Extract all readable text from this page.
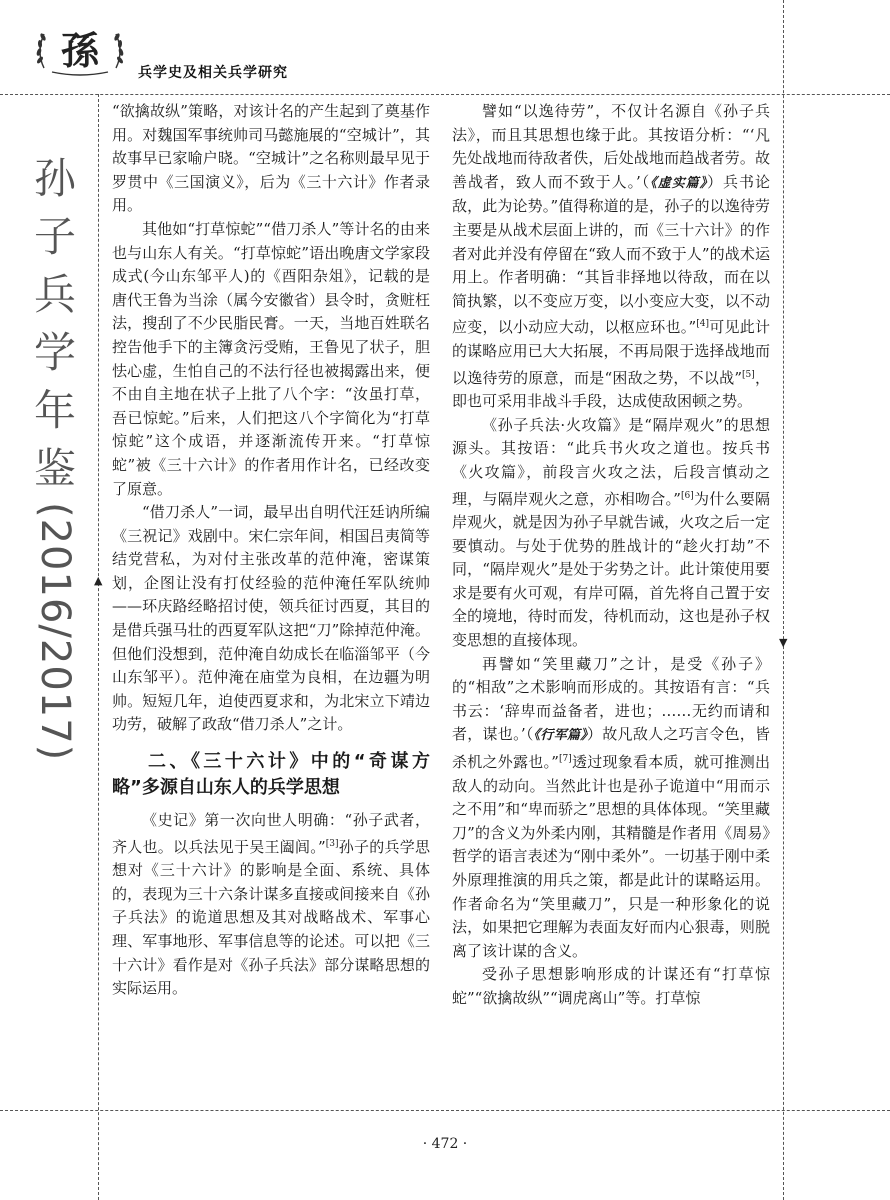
孫	兵学史及相关兵学研究
孙子兵学年鉴
(2016/2017) ▲
▼

“欲擒故纵”策略，对该计名的产生起到了奠基作用。对魏国军事统帅司马懿施展的“空城计”，其故事早已家喻户晓。“空城计”之名称则最早见于罗贯中《三国演义》，后为《三十六计》作者录用。

其他如“打草惊蛇”“借刀杀人”等计名的由来也与山东人有关。“打草惊蛇”语出晚唐文学家段成式(今山东邹平人)的《酉阳杂俎》，记载的是唐代王鲁为当涂（属今安徽省）县令时，贪赃枉法，搜刮了不少民脂民膏。一天，当地百姓联名控告他手下的主簿贪污受贿，王鲁见了状子，胆怯心虚，生怕自己的不法行径也被揭露出来，便不由自主地在状子上批了八个字：“汝虽打草，吾已惊蛇。”后来，人们把这八个字简化为“打草惊蛇”这个成语，并逐渐流传开来。“打草惊蛇”被《三十六计》的作者用作计名，已经改变了原意。

“借刀杀人”一词，最早出自明代汪廷讷所编《三祝记》戏剧中。宋仁宗年间，相国吕夷简等结党营私，为对付主张改革的范仲淹，密谋策划，企图让没有打仗经验的范仲淹任军队统帅——环庆路经略招讨使，领兵征讨西夏，其目的是借兵强马壮的西夏军队这把“刀”除掉范仲淹。但他们没想到，范仲淹自幼成长在临淄邹平（今山东邹平）。范仲淹在庙堂为良相，在边疆为明帅。短短几年，迫使西夏求和，为北宋立下靖边功劳，破解了政敌“借刀杀人”之计。

二、《三十六计》中的“奇谋方略”多源自山东人的兵学思想

《史记》第一次向世人明确：“孙子武者，齐人也。以兵法见于吴王阖闾。”[3]孙子的兵学思想对《三十六计》的影响是全面、系统、具体的，表现为三十六条计谋多直接或间接来自《孙子兵法》的诡道思想及其对战略战术、军事心理、军事地形、军事信息等的论述。可以把《三十六计》看作是对《孙子兵法》部分谋略思想的实际运用。

譬如“以逸待劳”，不仅计名源自《孙子兵法》，而且其思想也缘于此。其按语分析：“‘凡先处战地而待敌者佚，后处战地而趋战者劳。故善战者，致人而不致于人。’（《虚实篇》）兵书论敌，此为论势。”值得称道的是，孙子的以逸待劳主要是从战术层面上讲的，而《三十六计》的作者对此并没有停留在“致人而不致于人”的战术运用上。作者明确：“其旨非择地以待敌，而在以简执繁，以不变应万变，以小变应大变，以不动应变，以小动应大动，以枢应环也。”[4]可见此计的谋略应用已大大拓展，不再局限于选择战地而以逸待劳的原意，而是“困敌之势，不以战”[5]，即也可采用非战斗手段，达成使敌困顿之势。

《孙子兵法·火攻篇》是“隔岸观火”的思想源头。其按语：“此兵书火攻之道也。按兵书《火攻篇》，前段言火攻之法，后段言慎动之理，与隔岸观火之意，亦相吻合。”[6]为什么要隔岸观火，就是因为孙子早就告诫，火攻之后一定要慎动。与处于优势的胜战计的“趁火打劫”不同，“隔岸观火”是处于劣势之计。此计策使用要求是要有火可观，有岸可隔，首先将自己置于安全的境地，待时而发，待机而动，这也是孙子权变思想的直接体现。

再譬如“笑里藏刀”之计，是受《孙子》的“相敌”之术影响而形成的。其按语有言：“兵书云：‘辞卑而益备者，进也；……无约而请和者，谋也。’（《行军篇》）故凡敌人之巧言令色，皆杀机之外露也。”[7]透过现象看本质，就可推测出敌人的动向。当然此计也是孙子诡道中“用而示之不用”和“卑而骄之”思想的具体体现。“笑里藏刀”的含义为外柔内刚，其精髓是作者用《周易》哲学的语言表述为“刚中柔外”。一切基于刚中柔外原理推演的用兵之策，都是此计的谋略运用。作者命名为“笑里藏刀”，只是一种形象化的说法，如果把它理解为表面友好而内心狠毒，则脱离了该计谋的含义。

受孙子思想影响形成的计谋还有“打草惊蛇”“欲擒故纵”“调虎离山”等。打草惊

· 472 ·
